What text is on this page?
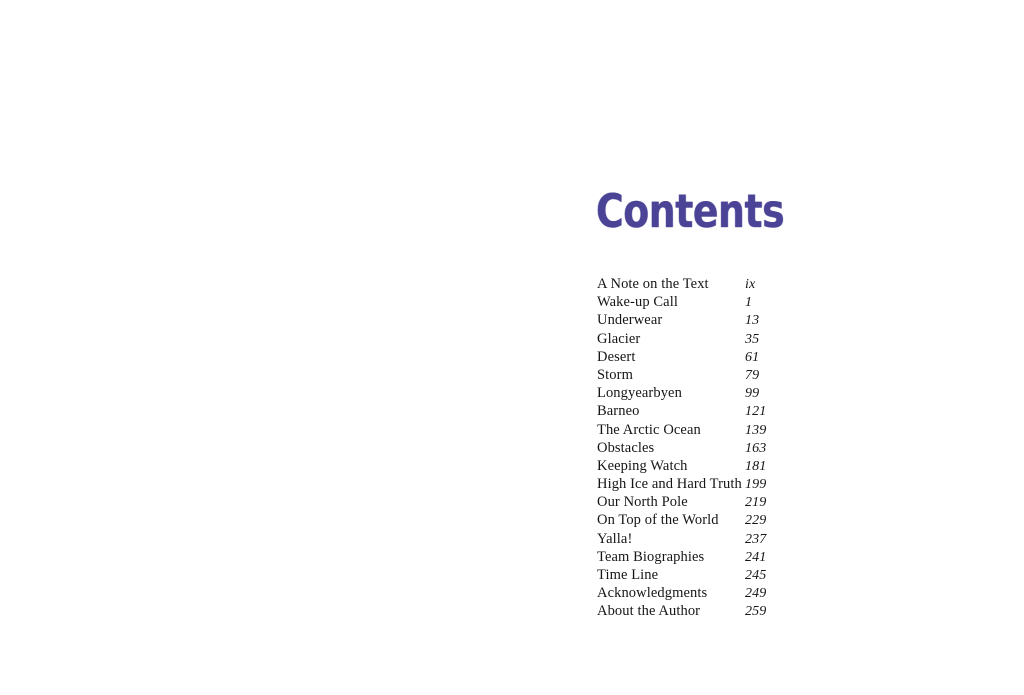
Contents
A Note on the Text	ix
Wake-up Call	1
Underwear	13
Glacier	35
Desert	61
Storm	79
Longyearbyen	99
Barneo	121
The Arctic Ocean	139
Obstacles	163
Keeping Watch	181
High Ice and Hard Truth 199
Our North Pole	219
On Top of the World	229
Yalla!	237
Team Biographies	241
Time Line	245
Acknowledgments	249
About the Author	259
